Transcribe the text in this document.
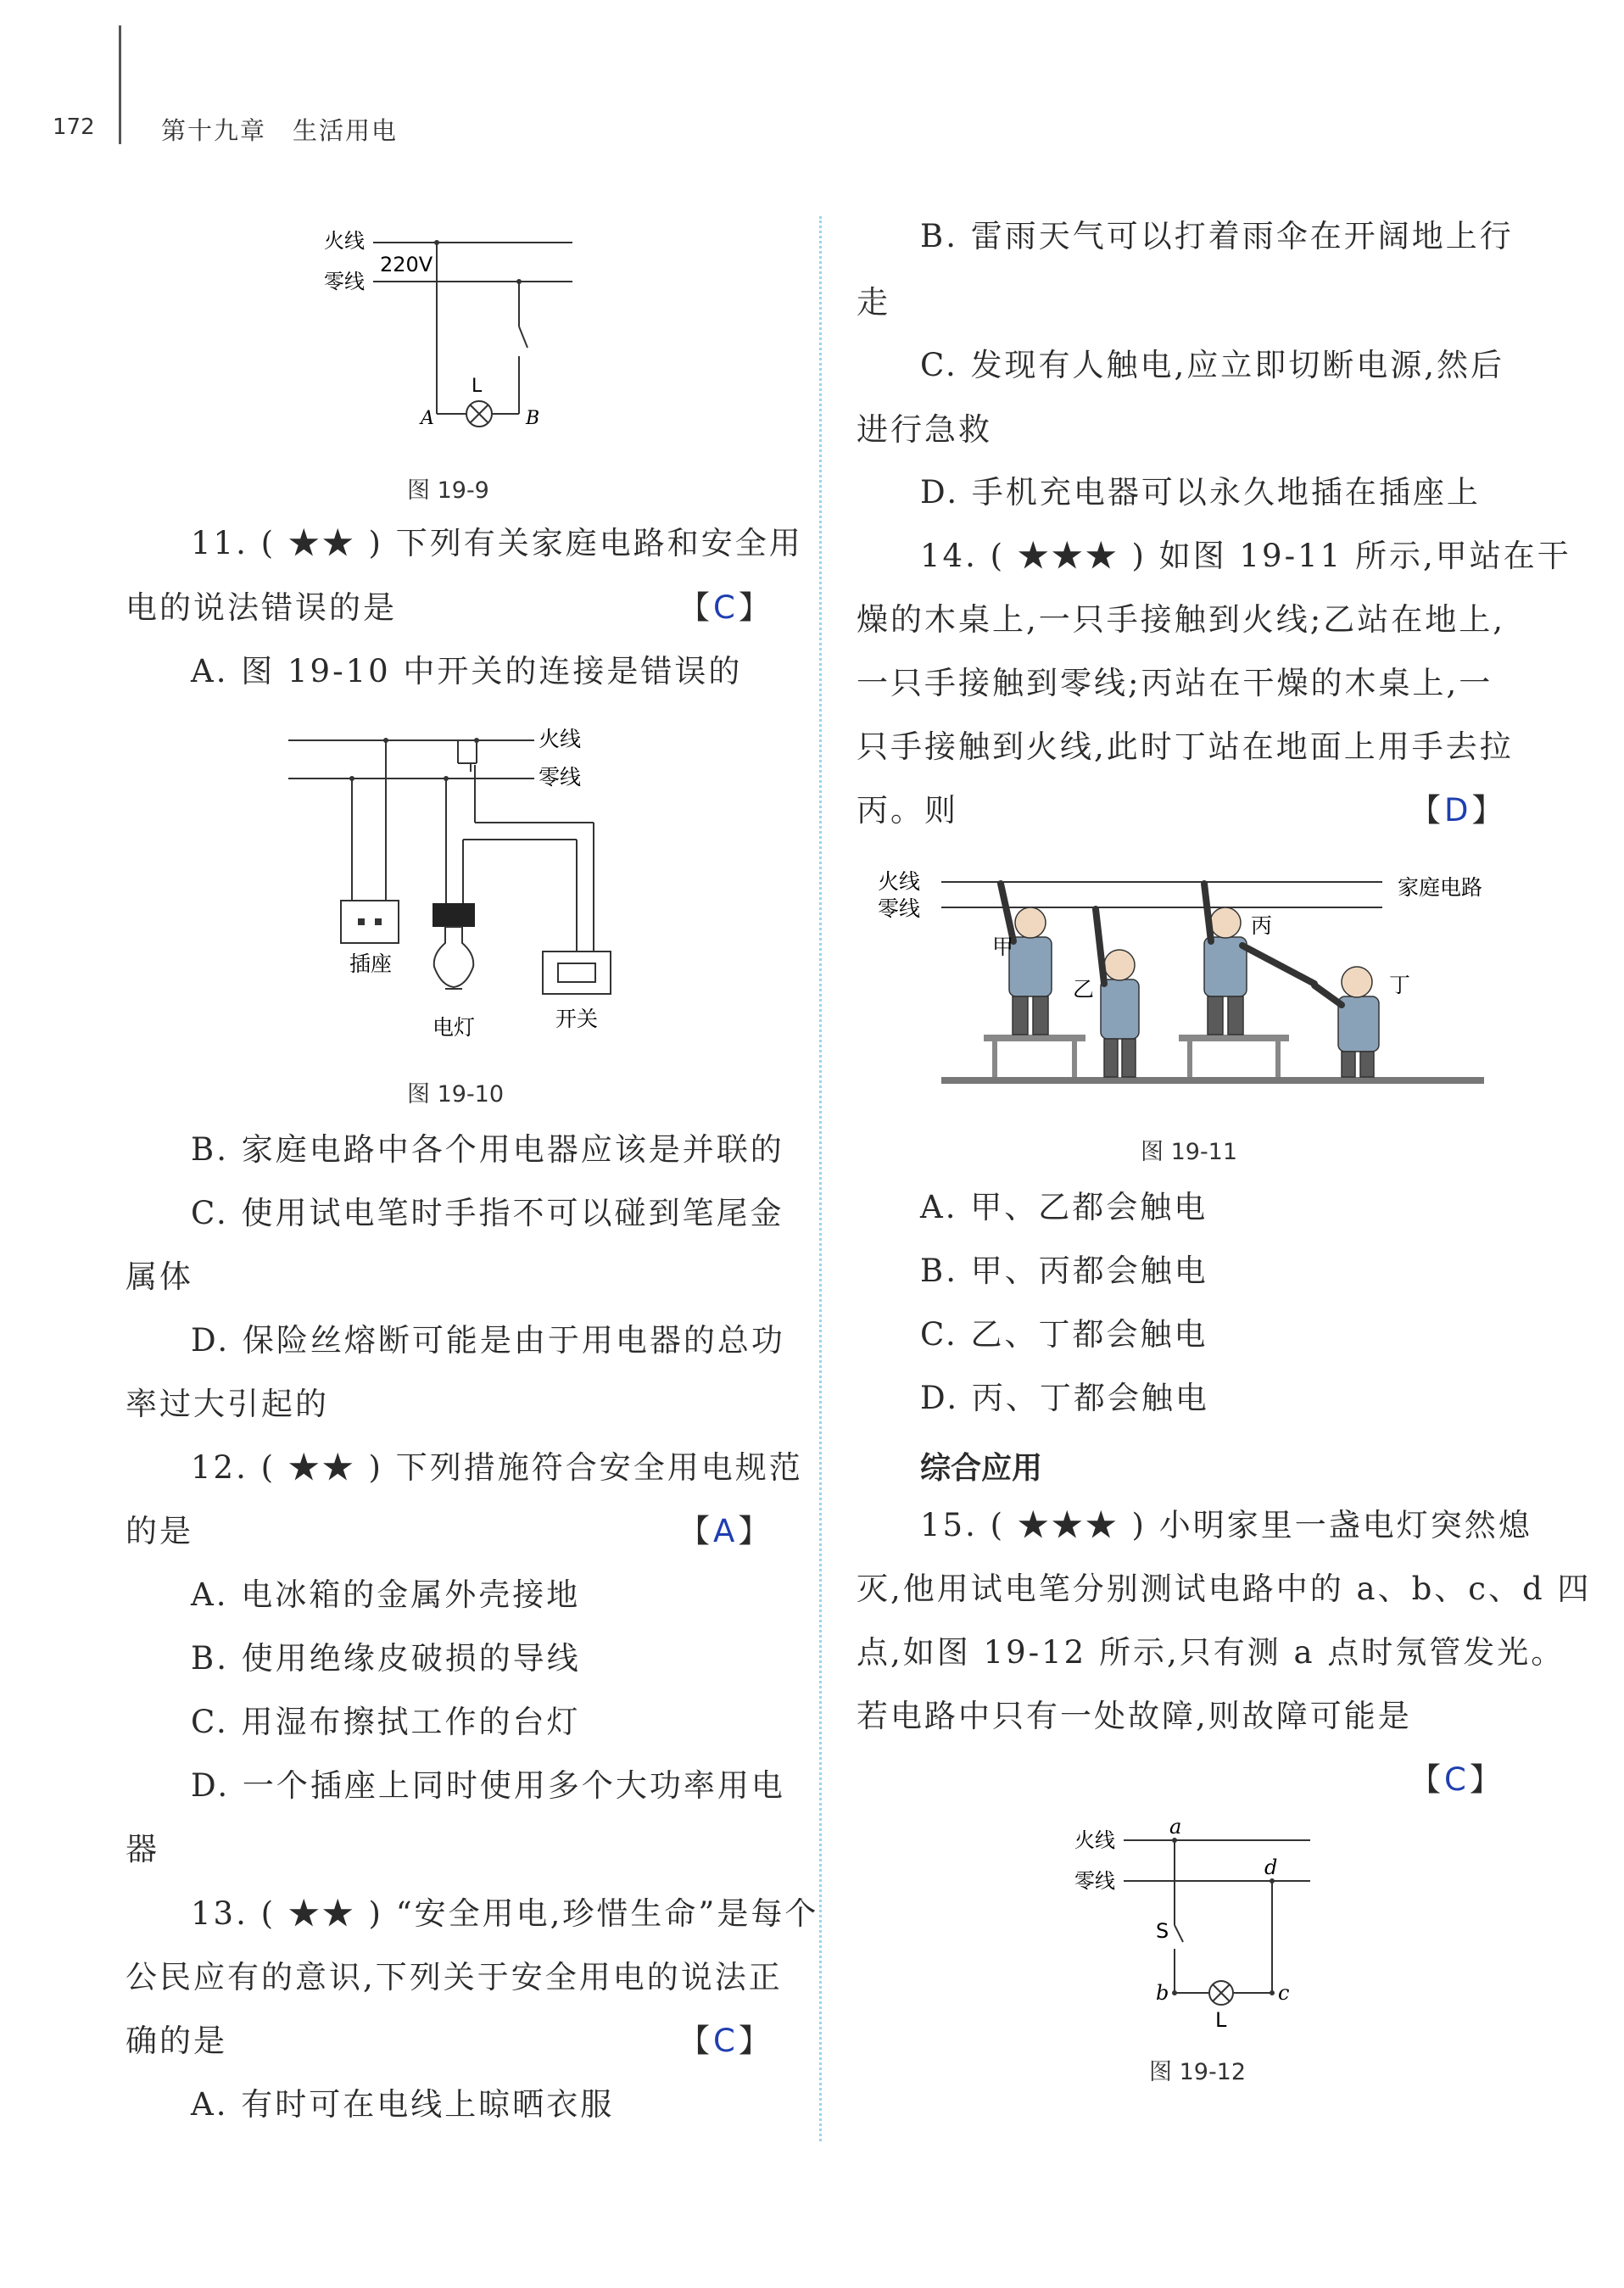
172	第十九章　生活用电
火线
零线
220V
L
A	B
图 19-9
11. ( ★★ ) 下列有关家庭电路和安全用
电的说法错误的是	【C】
A. 图 19-10 中开关的连接是错误的
火线
零线
插座
电灯	开关
图 19-10
B. 家庭电路中各个用电器应该是并联的
C. 使用试电笔时手指不可以碰到笔尾金
属体
D. 保险丝熔断可能是由于用电器的总功
率过大引起的
12. ( ★★ ) 下列措施符合安全用电规范
的是	【A】
A. 电冰箱的金属外壳接地
B. 使用绝缘皮破损的导线
C. 用湿布擦拭工作的台灯
D. 一个插座上同时使用多个大功率用电
器
13. ( ★★ ) “安全用电,珍惜生命”是每个
公民应有的意识,下列关于安全用电的说法正
确的是	【C】
A. 有时可在电线上晾晒衣服
B. 雷雨天气可以打着雨伞在开阔地上行
走
C. 发现有人触电,应立即切断电源,然后
进行急救
D. 手机充电器可以永久地插在插座上
14. ( ★★★ ) 如图 19-11 所示,甲站在干
燥的木桌上,一只手接触到火线;乙站在地上,
一只手接触到零线;丙站在干燥的木桌上,一
只手接触到火线,此时丁站在地面上用手去拉
丙。则	【D】
火线
零线
家庭电路
甲
乙
丙
丁
图 19-11
A. 甲、乙都会触电
B. 甲、丙都会触电
C. 乙、丁都会触电
D. 丙、丁都会触电
综合应用
15. ( ★★★ ) 小明家里一盏电灯突然熄
灭,他用试电笔分别测试电路中的 a、b、c、d 四
点,如图 19-12 所示,只有测 a 点时氖管发光。
若电路中只有一处故障,则故障可能是
【C】
火线
零线
a
d
S
b	c
L
图 19-12
